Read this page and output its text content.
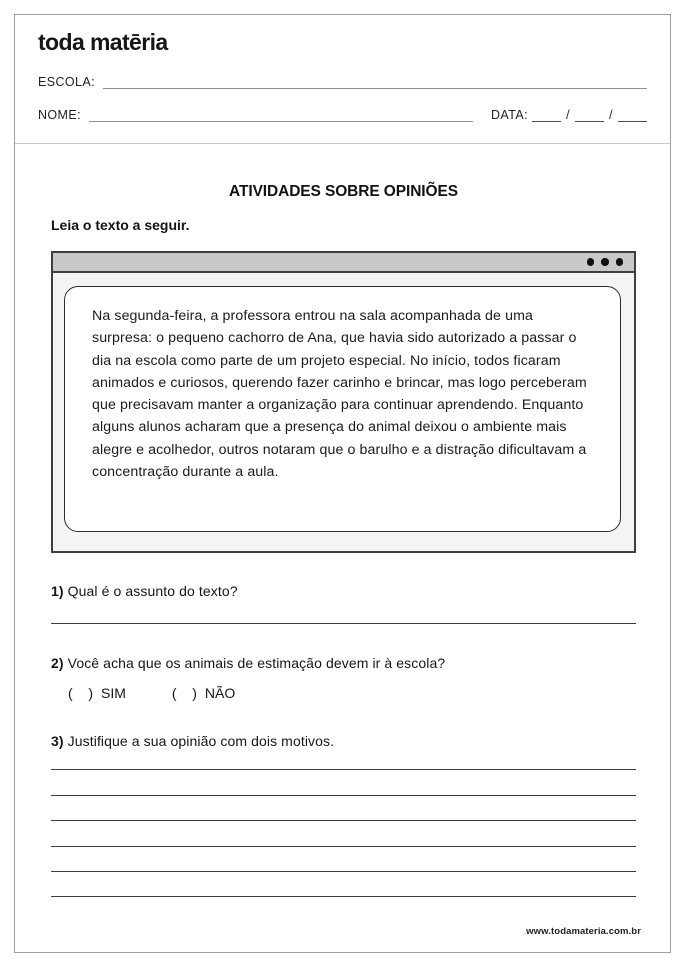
toda matēria
ESCOLA:
NOME:	DATA:	/	/
ATIVIDADES SOBRE OPINIÕES
Leia o texto a seguir.

Na segunda-feira, a professora entrou na sala acompanhada de uma surpresa: o pequeno cachorro de Ana, que havia sido autorizado a passar o dia na escola como parte de um projeto especial. No início, todos ficaram animados e curiosos, querendo fazer carinho e brincar, mas logo perceberam que precisavam manter a organização para continuar aprendendo. Enquanto alguns alunos acharam que a presença do animal deixou o ambiente mais alegre e acolhedor, outros notaram que o barulho e a distração dificultavam a concentração durante a aula.

1) Qual é o assunto do texto?

2) Você acha que os animais de estimação devem ir à escola?

(   ) SIM	(   ) NÃO

3) Justifique a sua opinião com dois motivos.

www.todamateria.com.br
